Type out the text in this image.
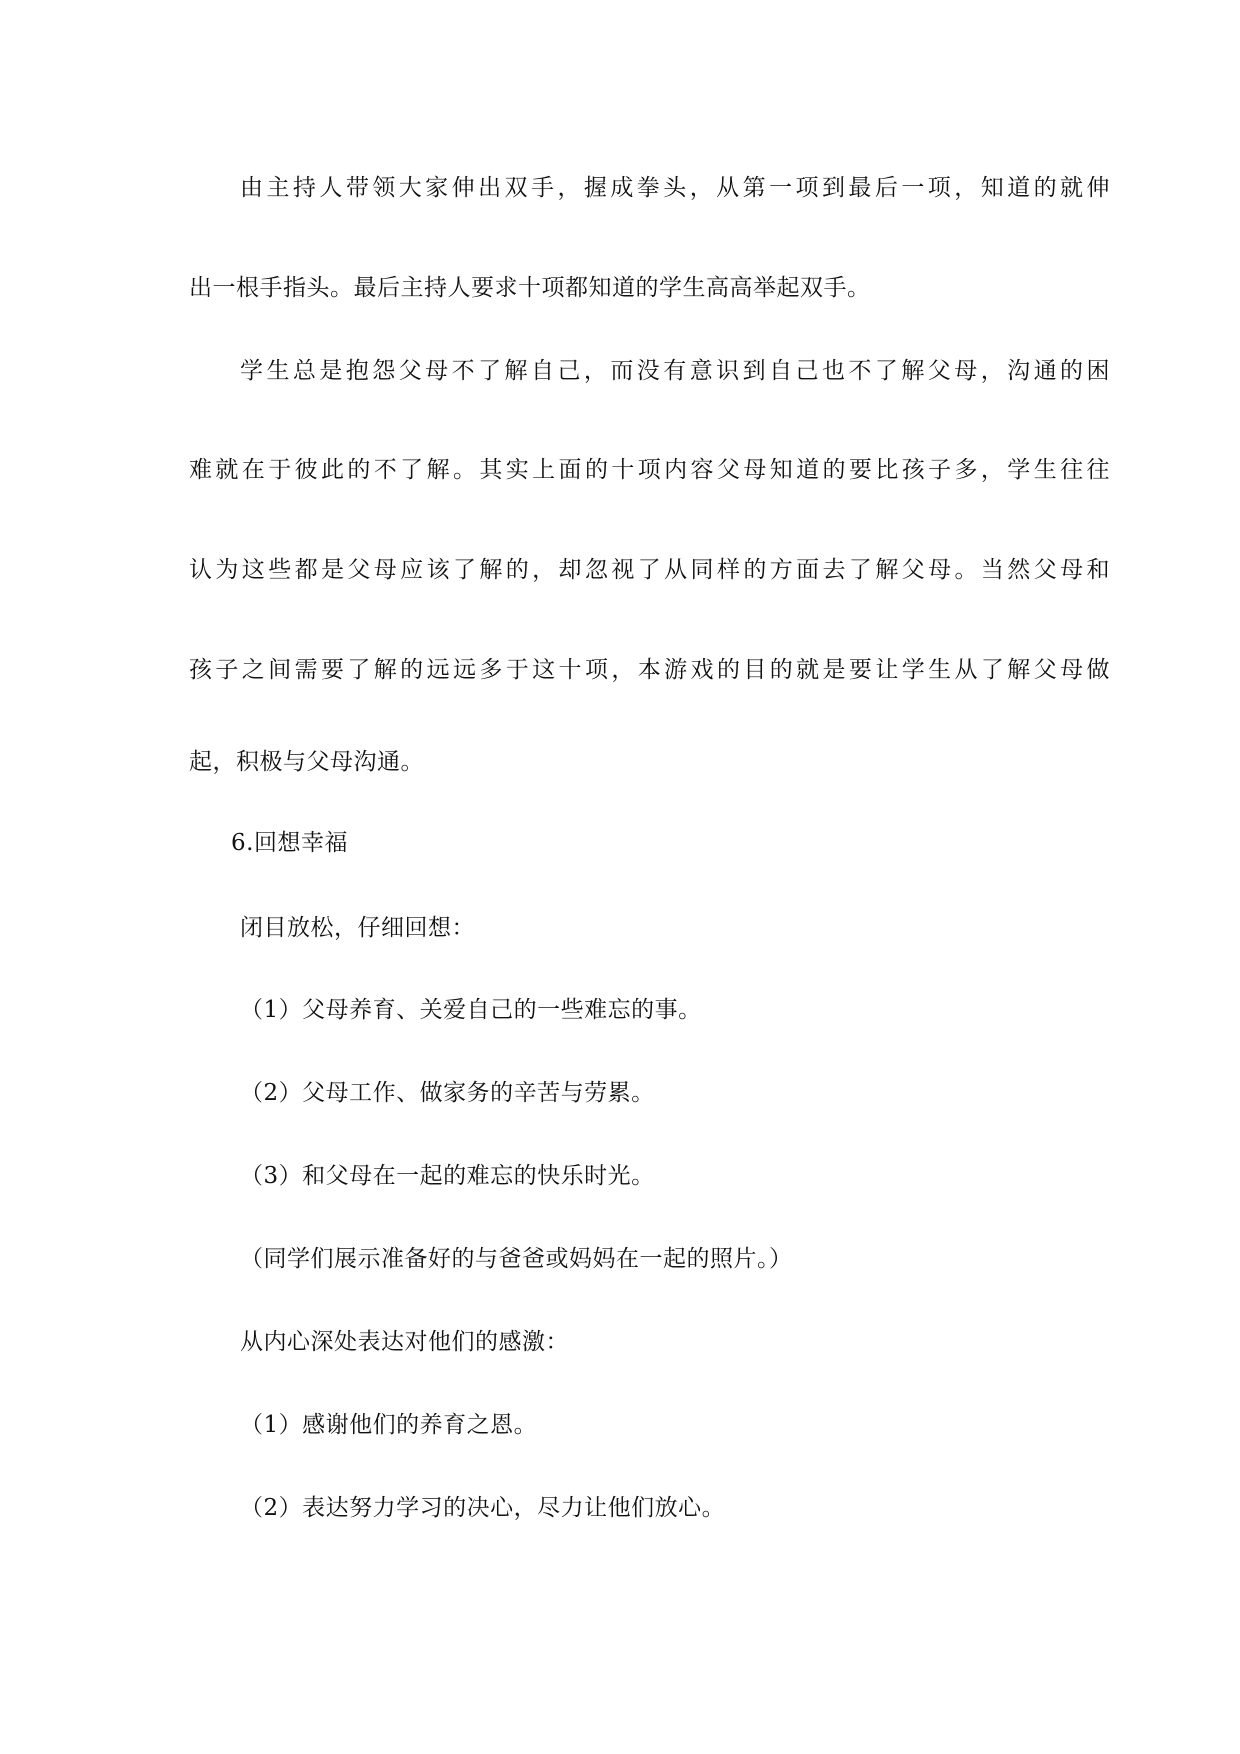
由主持人带领大家伸出双手，握成拳头，从第一项到最后一项，知道的就伸

出一根手指头。最后主持人要求十项都知道的学生高高举起双手。

学生总是抱怨父母不了解自己，而没有意识到自己也不了解父母，沟通的困

难就在于彼此的不了解。其实上面的十项内容父母知道的要比孩子多，学生往往

认为这些都是父母应该了解的，却忽视了从同样的方面去了解父母。当然父母和

孩子之间需要了解的远远多于这十项，本游戏的目的就是要让学生从了解父母做

起，积极与父母沟通。

6.回想幸福

闭目放松，仔细回想：

（1）父母养育、关爱自己的一些难忘的事。

（2）父母工作、做家务的辛苦与劳累。

（3）和父母在一起的难忘的快乐时光。

（同学们展示准备好的与爸爸或妈妈在一起的照片。）

从内心深处表达对他们的感激：

（1）感谢他们的养育之恩。

（2）表达努力学习的决心，尽力让他们放心。
